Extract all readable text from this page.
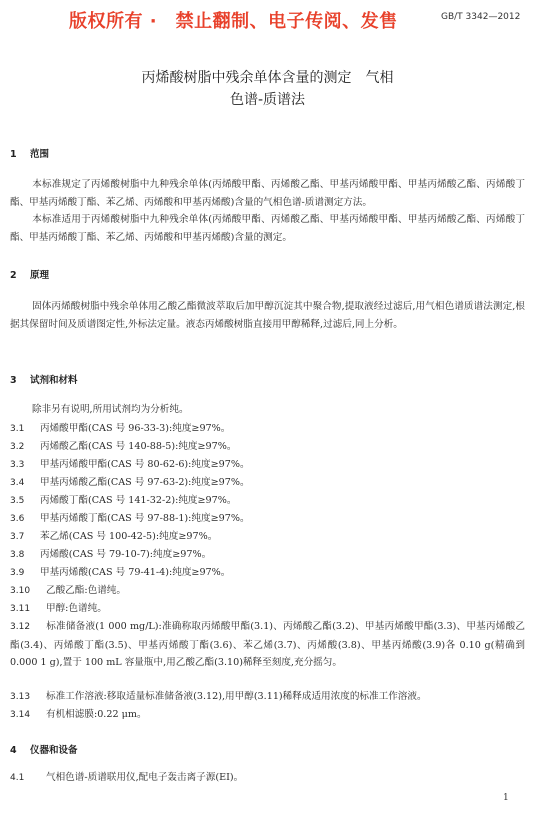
版权所有 ·　禁止翻制、电子传阅、发售	GB/T 3342—2012
丙烯酸树脂中残余单体含量的测定　气相
色谱-质谱法
1 范围
本标准规定了丙烯酸树脂中九种残余单体(丙烯酸甲酯、丙烯酸乙酯、甲基丙烯酸甲酯、甲基丙烯酸乙酯、丙烯酸丁酯、甲基丙烯酸丁酯、苯乙烯、丙烯酸和甲基丙烯酸)含量的气相色谱-质谱测定方法。
本标准适用于丙烯酸树脂中九种残余单体(丙烯酸甲酯、丙烯酸乙酯、甲基丙烯酸甲酯、甲基丙烯酸乙酯、丙烯酸丁酯、甲基丙烯酸丁酯、苯乙烯、丙烯酸和甲基丙烯酸)含量的测定。
2 原理
固体丙烯酸树脂中残余单体用乙酸乙酯微波萃取后加甲醇沉淀其中聚合物,提取液经过滤后,用气相色谱质谱法测定,根据其保留时间及质谱图定性,外标法定量。液态丙烯酸树脂直接用甲醇稀释,过滤后,同上分析。
3 试剂和材料
除非另有说明,所用试剂均为分析纯。
3.1 丙烯酸甲酯(CAS 号 96-33-3):纯度≥97%。
3.2 丙烯酸乙酯(CAS 号 140-88-5):纯度≥97%。
3.3 甲基丙烯酸甲酯(CAS 号 80-62-6):纯度≥97%。
3.4 甲基丙烯酸乙酯(CAS 号 97-63-2):纯度≥97%。
3.5 丙烯酸丁酯(CAS 号 141-32-2):纯度≥97%。
3.6 甲基丙烯酸丁酯(CAS 号 97-88-1):纯度≥97%。
3.7 苯乙烯(CAS 号 100-42-5):纯度≥97%。
3.8 丙烯酸(CAS 号 79-10-7):纯度≥97%。
3.9 甲基丙烯酸(CAS 号 79-41-4):纯度≥97%。
3.10 乙酸乙酯:色谱纯。
3.11 甲醇:色谱纯。
3.12 标准储备液(1 000 mg/L):准确称取丙烯酸甲酯(3.1)、丙烯酸乙酯(3.2)、甲基丙烯酸甲酯(3.3)、甲基丙烯酸乙酯(3.4)、丙烯酸丁酯(3.5)、甲基丙烯酸丁酯(3.6)、苯乙烯(3.7)、丙烯酸(3.8)、甲基丙烯酸(3.9)各 0.10 g(精确到 0.000 1 g),置于 100 mL 容量瓶中,用乙酸乙酯(3.10)稀释至刻度,充分摇匀。
3.13 标准工作溶液:移取适量标准储备液(3.12),用甲醇(3.11)稀释成适用浓度的标准工作溶液。
3.14 有机相滤膜:0.22 μm。
4 仪器和设备
4.1 气相色谱-质谱联用仪,配电子轰击离子源(EI)。
1
